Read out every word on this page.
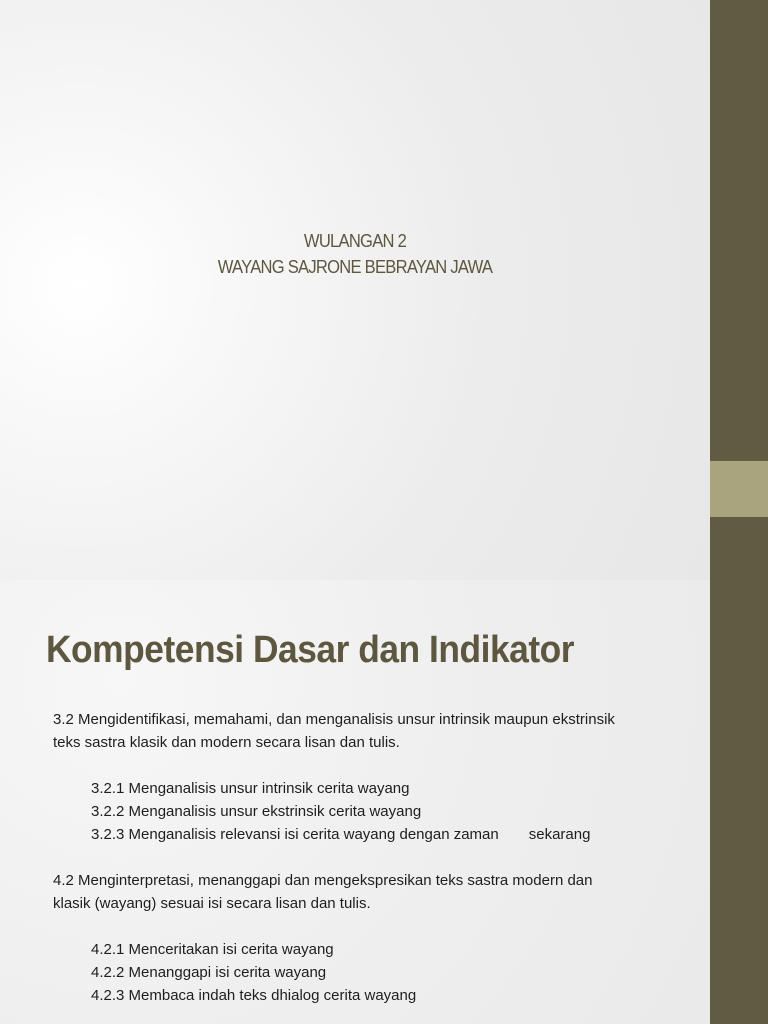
WULANGAN 2
WAYANG SAJRONE BEBRAYAN JAWA
Kompetensi Dasar dan Indikator

3.2 Mengidentifikasi, memahami, dan menganalisis unsur intrinsik maupun ekstrinsik

teks sastra klasik dan modern secara lisan dan tulis.

3.2.1 Menganalisis unsur intrinsik cerita wayang

3.2.2 Menganalisis unsur ekstrinsik cerita wayang

3.2.3 Menganalisis relevansi isi cerita wayang dengan zaman sekarang

4.2 Menginterpretasi, menanggapi dan mengekspresikan teks sastra modern dan

klasik (wayang) sesuai isi secara lisan dan tulis.

4.2.1 Menceritakan isi cerita wayang

4.2.2 Menanggapi isi cerita wayang

4.2.3 Membaca indah teks dhialog cerita wayang
